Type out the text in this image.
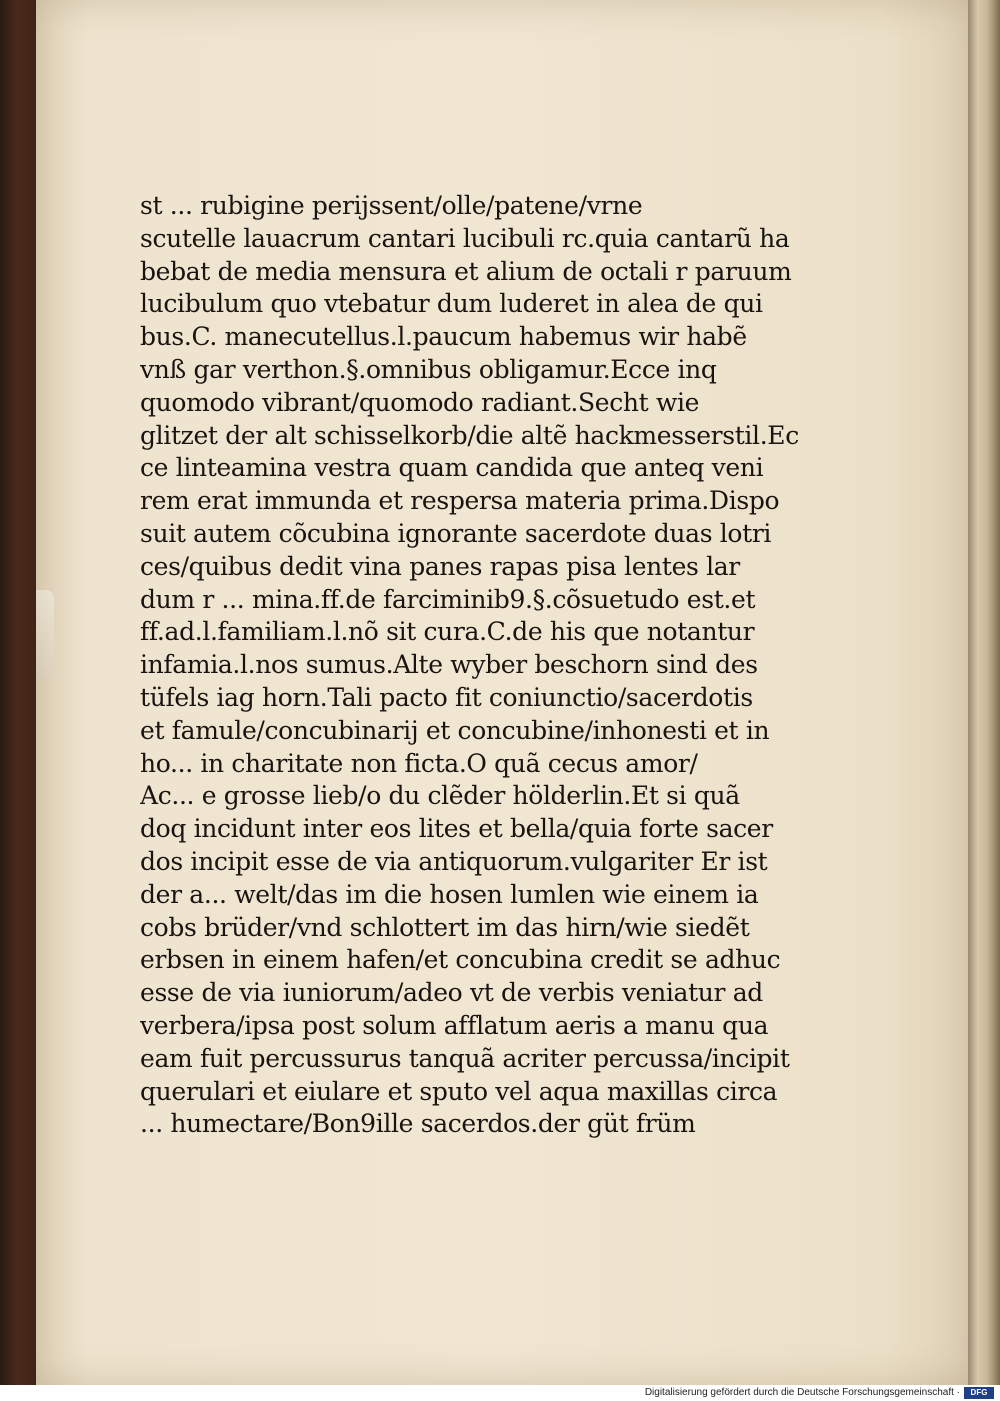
st ... rubigine perijssent/olle/patene/vrne
scutelle lauacrum cantari lucibuli rc.quia cantarũ ha
bebat de media mensura et alium de octali r paruum
lucibulum quo vtebatur dum luderet in alea de qui
bus.C. manecutellus.l.paucum habemus wir habẽ
vnß gar verthon.§.omnibus obligamur.Ecce inq
quomodo vibrant/quomodo radiant.Secht wie
glitzet der alt schisselkorb/die altẽ hackmesserstil.Ec
ce linteamina vestra quam candida que anteq veni
rem erat immunda et respersa materia prima.Dispo
suit autem cõcubina ignorante sacerdote duas lotri
ces/quibus dedit vina panes rapas pisa lentes lar
dum r ... mina.ff.de farciminib9.§.cõsuetudo est.et
ff.ad.l.familiam.l.nõ sit cura.C.de his que notantur
infamia.l.nos sumus.Alte wyber beschorn sind des
tüfels iag horn.Tali pacto fit coniunctio/sacerdotis
et famule/concubinarij et concubine/inhonesti et in
ho... in charitate non ficta.O quã cecus amor/
Ac... e grosse lieb/o du clẽder hölderlin.Et si quã
doq incidunt inter eos lites et bella/quia forte sacer
dos incipit esse de via antiquorum.vulgariter Er ist
der a... welt/das im die hosen lumlen wie einem ia
cobs brüder/vnd schlottert im das hirn/wie siedẽt
erbsen in einem hafen/et concubina credit se adhuc
esse de via iuniorum/adeo vt de verbis veniatur ad
verbera/ipsa post solum afflatum aeris a manu qua
eam fuit percussurus tanquã acriter percussa/incipit
querulari et eiulare et sputo vel aqua maxillas circa
... humectare/Bon9ille sacerdos.der güt früm
Digitalisierung gefördert durch die Deutsche Forschungsgemeinschaft ·	DFG
